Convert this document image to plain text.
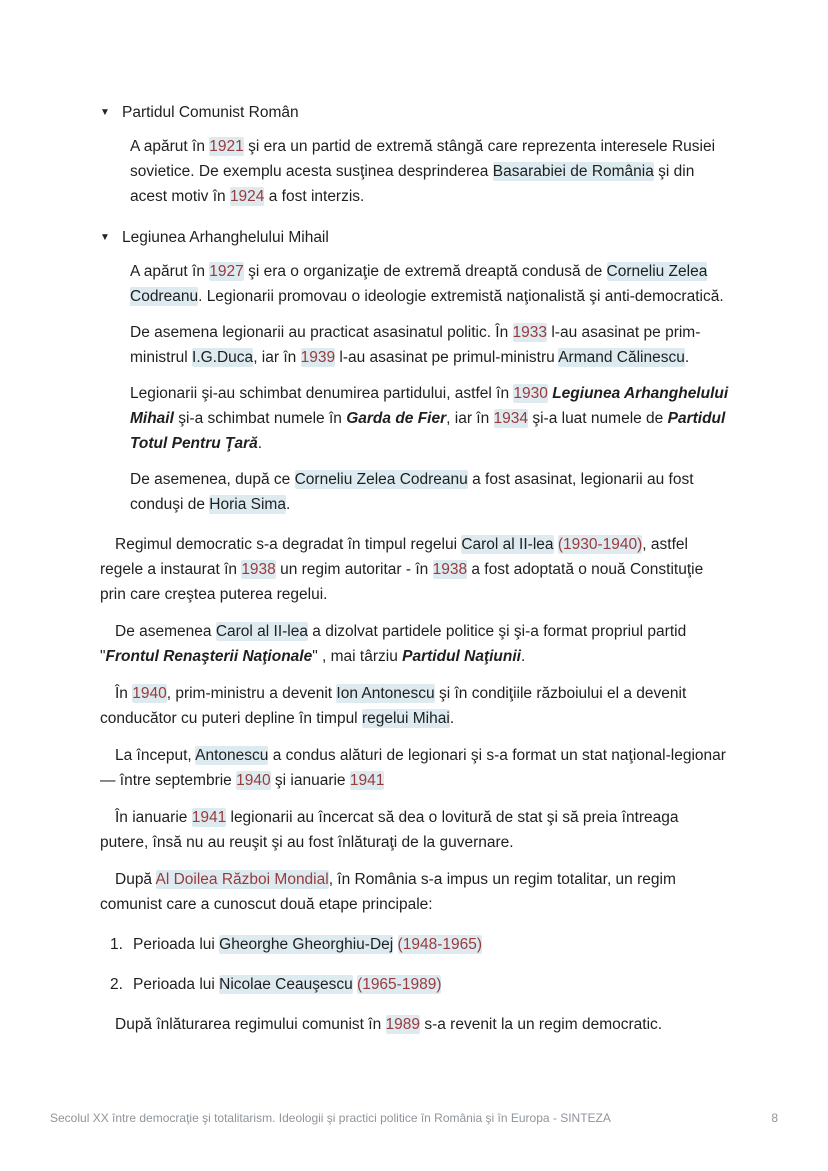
▼ Partidul Comunist Român

A apărut în 1921 şi era un partid de extremă stângă care reprezenta interesele Rusiei sovietice. De exemplu acesta susţinea desprinderea Basarabiei de România şi din acest motiv în 1924 a fost interzis.

▼ Legiunea Arhanghelului Mihail

A apărut în 1927 şi era o organizaţie de extremă dreaptă condusă de Corneliu Zelea Codreanu. Legionarii promovau o ideologie extremistă naţionalistă şi anti-democratică.

De asemena legionarii au practicat asasinatul politic. În 1933 l-au asasinat pe prim-ministrul I.G.Duca, iar în 1939 l-au asasinat pe primul-ministru Armand Călinescu.

Legionarii şi-au schimbat denumirea partidului, astfel în 1930 Legiunea Arhanghelului Mihail şi-a schimbat numele în Garda de Fier, iar în 1934 şi-a luat numele de Partidul Totul Pentru Ţară.

De asemenea, după ce Corneliu Zelea Codreanu a fost asasinat, legionarii au fost conduşi de Horia Sima.

Regimul democratic s-a degradat în timpul regelui Carol al II-lea (1930-1940), astfel regele a instaurat în 1938 un regim autoritar - în 1938 a fost adoptată o nouă Constituţie prin care creştea puterea regelui.

De asemenea Carol al II-lea a dizolvat partidele politice şi şi-a format propriul partid "Frontul Renaşterii Naţionale" , mai târziu Partidul Naţiunii.

În 1940, prim-ministru a devenit Ion Antonescu şi în condiţiile războiului el a devenit conducător cu puteri depline în timpul regelui Mihai.

La început, Antonescu a condus alături de legionari şi s-a format un stat naţional-legionar — între septembrie 1940 şi ianuarie 1941

În ianuarie 1941 legionarii au încercat să dea o lovitură de stat şi să preia întreaga putere, însă nu au reuşit şi au fost înlăturaţi de la guvernare.

După Al Doilea Război Mondial, în România s-a impus un regim totalitar, un regim comunist care a cunoscut două etape principale:

1. Perioada lui Gheorghe Gheorghiu-Dej (1948-1965)

2. Perioada lui Nicolae Ceauşescu (1965-1989)

După înlăturarea regimului comunist în 1989 s-a revenit la un regim democratic.

Secolul XX între democraţie şi totalitarism. Ideologii şi practici politice în România şi în Europa - SINTEZA	8
